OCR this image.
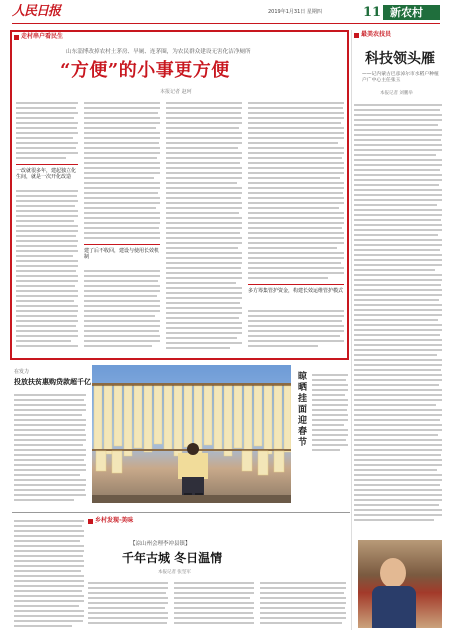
人民日报	2019年1月31日 星期四	11 新农村
走村串户看民生
山东淄博改掉农村土茅房、旱厕、连茅圈，为农民群众建设无害化洁净厕所
“方便”的小事更方便
本报记者 赵珂
一改就很多年，建起独立化生间，就是一次开化改造
建了后不收回，建设与使用长效机制
多方筹集管护资金，构建长效运维管护模式
最美农技员
科技领头雁
——记内蒙古巴彦淖尔市水稻户种植户广中心主任张玉
本报记者 刘鹏举
在发力
投放扶贫惠购贷款超千亿	晾晒挂面迎春节
乡村发现·美味
【凉山州会理李冲县镇】
千年古城 冬日温情
本报记者 张坚军
